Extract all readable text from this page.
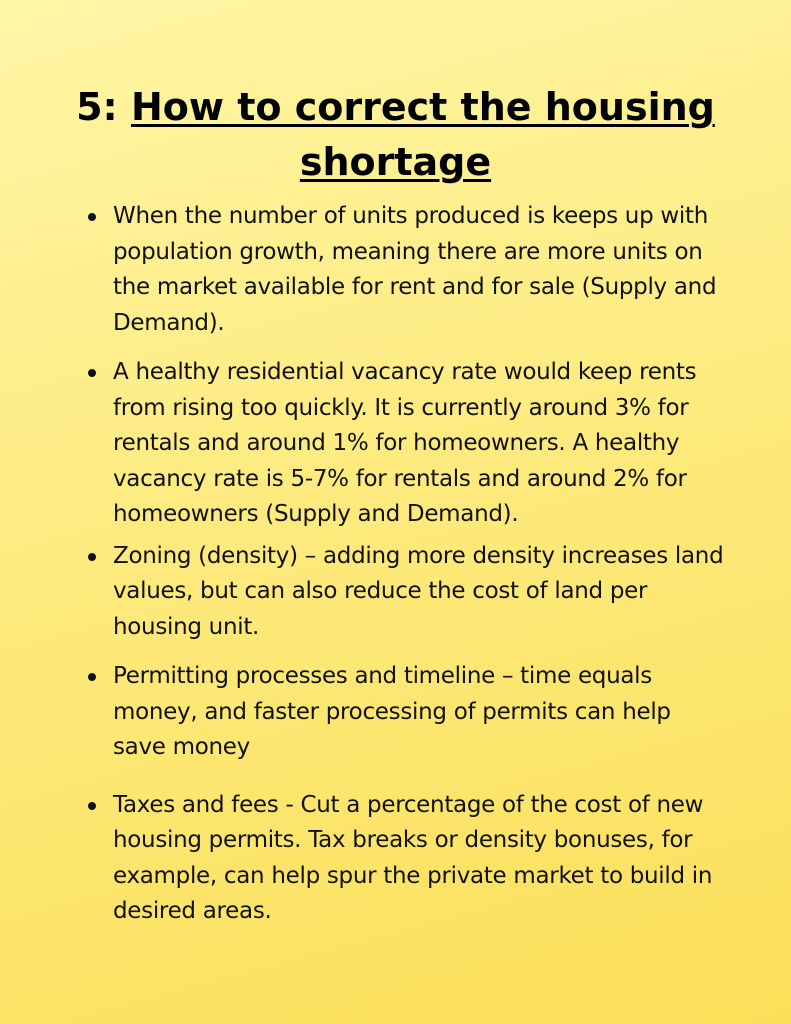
5: How to correct the housing shortage
When the number of units produced is keeps up with population growth, meaning there are more units on the market available for rent and for sale (Supply and Demand).
A healthy residential vacancy rate would keep rents from rising too quickly. It is currently around 3% for rentals and around 1% for homeowners. A healthy vacancy rate is 5-7% for rentals and around 2% for homeowners (Supply and Demand).
Zoning (density) – adding more density increases land values, but can also reduce the cost of land per housing unit.
Permitting processes and timeline – time equals money, and faster processing of permits can help save money
Taxes and fees - Cut a percentage of the cost of new housing permits. Tax breaks or density bonuses, for example, can help spur the private market to build in desired areas.
